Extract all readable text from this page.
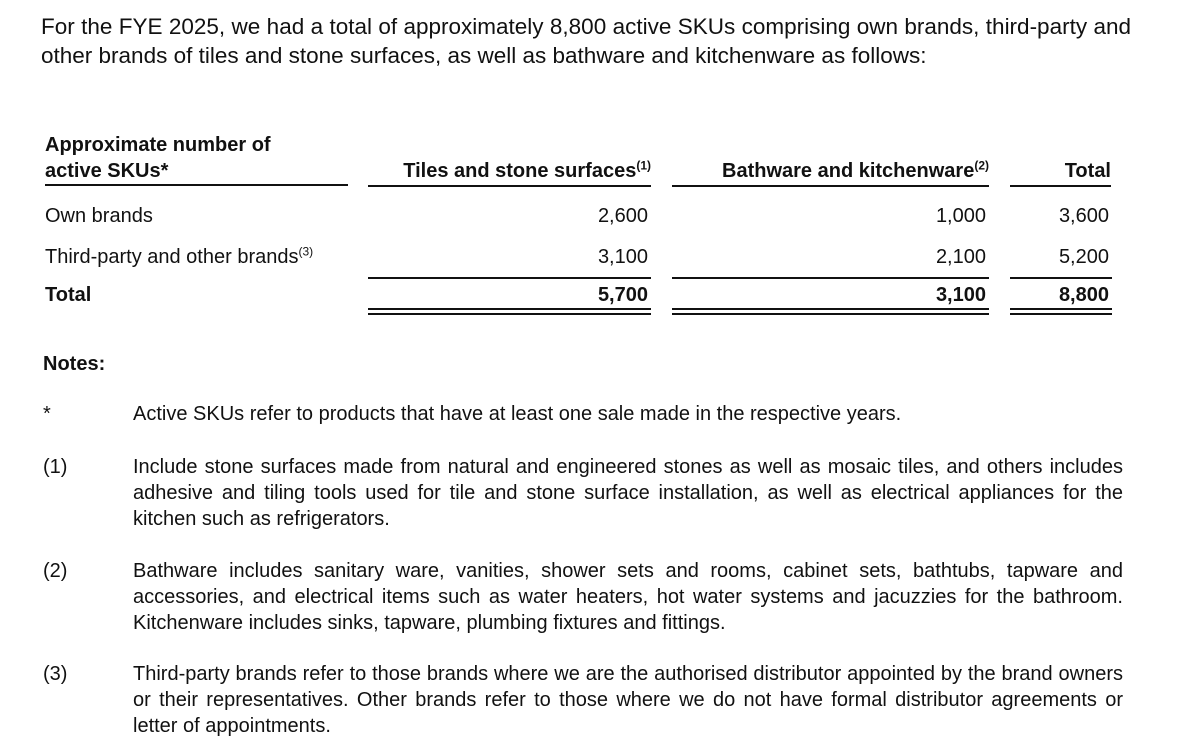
For the FYE 2025, we had a total of approximately 8,800 active SKUs comprising own brands, third-party and other brands of tiles and stone surfaces, as well as bathware and kitchenware as follows:
Approximate number of
active SKUs*	Tiles and stone surfaces$^{(1)}$	Bathware and kitchenware$^{(2)}$	Total
Own brands	2,600	1,000	3,600
Third-party and other brands$^{(3)}$	3,100	2,100	5,200
Total	5,700	3,100	8,800
Notes:
*	Active SKUs refer to products that have at least one sale made in the respective years.
(1)	Include stone surfaces made from natural and engineered stones as well as mosaic tiles, and others includes adhesive and tiling tools used for tile and stone surface installation, as well as electrical appliances for the kitchen such as refrigerators.
(2)	Bathware includes sanitary ware, vanities, shower sets and rooms, cabinet sets, bathtubs, tapware and accessories, and electrical items such as water heaters, hot water systems and jacuzzies for the bathroom. Kitchenware includes sinks, tapware, plumbing fixtures and fittings.
(3)	Third-party brands refer to those brands where we are the authorised distributor appointed by the brand owners or their representatives. Other brands refer to those where we do not have formal distributor agreements or letter of appointments.
